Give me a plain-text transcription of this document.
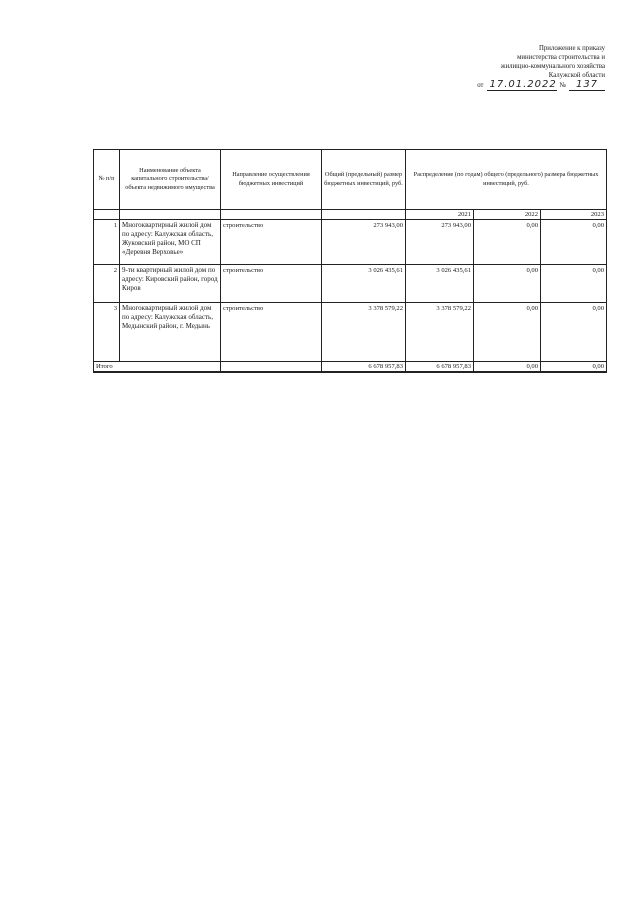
Приложение к приказу
министерства строительства и
жилищно-коммунального хозяйства
Калужской области
от 17.01.2022 № 137
№ п/п	Наименование объекта капитального строительства/объекта недвижимого имущества	Направление осуществления бюджетных инвестиций	Общий (предельный) размер бюджетных инвестиций, руб.	Распределение (по годам) общего (предельного) размера бюджетных инвестиций, руб.		
				2021	2022	2023
1	Многоквартирный жилой дом по адресу: Калужская область, Жуковский район, МО СП «Деревня Верховье»	строительство	273 943,00	273 943,00	0,00	0,00
2	9-ти квартирный жилой дом по адресу: Кировский район, город Киров	строительство	3 026 435,61	3 026 435,61	0,00	0,00
3	Многоквартирный жилой дом по адресу: Калужская область, Медынский район, г. Медынь	строительство	3 378 579,22	3 378 579,22	0,00	0,00
Итого			6 678 957,83	6 678 957,83	0,00	0,00
